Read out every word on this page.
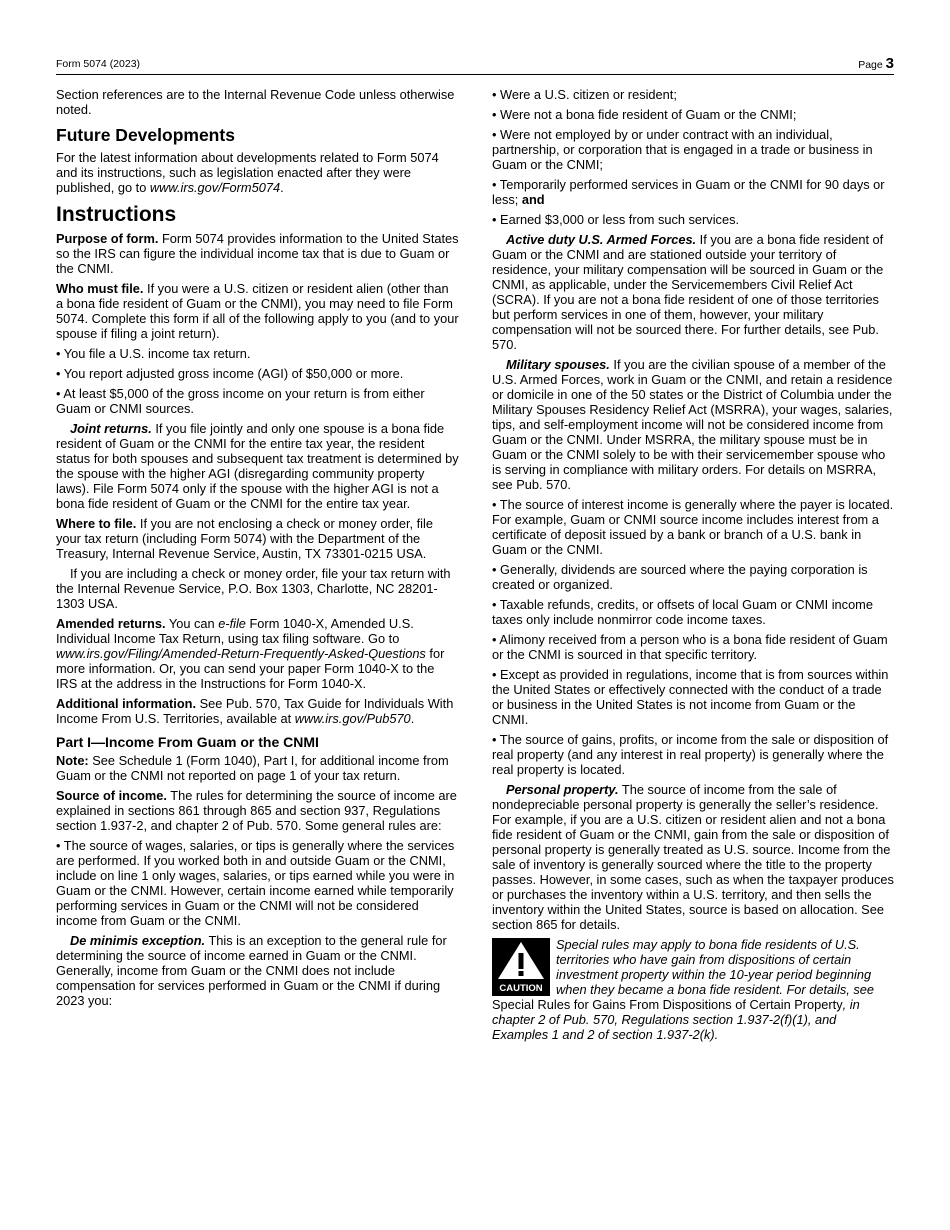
Form 5074 (2023)	Page 3

Section references are to the Internal Revenue Code unless otherwise noted.

Future Developments

For the latest information about developments related to Form 5074 and its instructions, such as legislation enacted after they were published, go to www.irs.gov/Form5074.

Instructions

Purpose of form. Form 5074 provides information to the United States so the IRS can figure the individual income tax that is due to Guam or the CNMI.

Who must file. If you were a U.S. citizen or resident alien (other than a bona fide resident of Guam or the CNMI), you may need to file Form 5074. Complete this form if all of the following apply to you (and to your spouse if filing a joint return).

• You file a U.S. income tax return.

• You report adjusted gross income (AGI) of $50,000 or more.

• At least $5,000 of the gross income on your return is from either Guam or CNMI sources.

Joint returns. If you file jointly and only one spouse is a bona fide resident of Guam or the CNMI for the entire tax year, the resident status for both spouses and subsequent tax treatment is determined by the spouse with the higher AGI (disregarding community property laws). File Form 5074 only if the spouse with the higher AGI is not a bona fide resident of Guam or the CNMI for the entire tax year.

Where to file. If you are not enclosing a check or money order, file your tax return (including Form 5074) with the Department of the Treasury, Internal Revenue Service, Austin, TX 73301-0215 USA.

If you are including a check or money order, file your tax return with the Internal Revenue Service, P.O. Box 1303, Charlotte, NC 28201-1303 USA.

Amended returns. You can e-file Form 1040-X, Amended U.S. Individual Income Tax Return, using tax filing software. Go to www.irs.gov/Filing/Amended-Return-Frequently-Asked-Questions for more information. Or, you can send your paper Form 1040-X to the IRS at the address in the Instructions for Form 1040-X.

Additional information. See Pub. 570, Tax Guide for Individuals With Income From U.S. Territories, available at www.irs.gov/Pub570.

Part I—Income From Guam or the CNMI

Note: See Schedule 1 (Form 1040), Part I, for additional income from Guam or the CNMI not reported on page 1 of your tax return.

Source of income. The rules for determining the source of income are explained in sections 861 through 865 and section 937, Regulations section 1.937-2, and chapter 2 of Pub. 570. Some general rules are:

• The source of wages, salaries, or tips is generally where the services are performed. If you worked both in and outside Guam or the CNMI, include on line 1 only wages, salaries, or tips earned while you were in Guam or the CNMI. However, certain income earned while temporarily performing services in Guam or the CNMI will not be considered income from Guam or the CNMI.

De minimis exception. This is an exception to the general rule for determining the source of income earned in Guam or the CNMI. Generally, income from Guam or the CNMI does not include compensation for services performed in Guam or the CNMI if during 2023 you:

• Were a U.S. citizen or resident;

• Were not a bona fide resident of Guam or the CNMI;

• Were not employed by or under contract with an individual, partnership, or corporation that is engaged in a trade or business in Guam or the CNMI;

• Temporarily performed services in Guam or the CNMI for 90 days or less; and

• Earned $3,000 or less from such services.

Active duty U.S. Armed Forces. If you are a bona fide resident of Guam or the CNMI and are stationed outside your territory of residence, your military compensation will be sourced in Guam or the CNMI, as applicable, under the Servicemembers Civil Relief Act (SCRA). If you are not a bona fide resident of one of those territories but perform services in one of them, however, your military compensation will not be sourced there. For further details, see Pub. 570.

Military spouses. If you are the civilian spouse of a member of the U.S. Armed Forces, work in Guam or the CNMI, and retain a residence or domicile in one of the 50 states or the District of Columbia under the Military Spouses Residency Relief Act (MSRRA), your wages, salaries, tips, and self-employment income will not be considered income from Guam or the CNMI. Under MSRRA, the military spouse must be in Guam or the CNMI solely to be with their servicemember spouse who is serving in compliance with military orders. For details on MSRRA, see Pub. 570.

• The source of interest income is generally where the payer is located. For example, Guam or CNMI source income includes interest from a certificate of deposit issued by a bank or branch of a U.S. bank in Guam or the CNMI.

• Generally, dividends are sourced where the paying corporation is created or organized.

• Taxable refunds, credits, or offsets of local Guam or CNMI income taxes only include nonmirror code income taxes.

• Alimony received from a person who is a bona fide resident of Guam or the CNMI is sourced in that specific territory.

• Except as provided in regulations, income that is from sources within the United States or effectively connected with the conduct of a trade or business in the United States is not income from Guam or the CNMI.

• The source of gains, profits, or income from the sale or disposition of real property (and any interest in real property) is generally where the real property is located.

Personal property. The source of income from the sale of nondepreciable personal property is generally the seller’s residence. For example, if you are a U.S. citizen or resident alien and not a bona fide resident of Guam or the CNMI, gain from the sale or disposition of personal property is generally treated as U.S. source. Income from the sale of inventory is generally sourced where the title to the property passes. However, in some cases, such as when the taxpayer produces or purchases the inventory within a U.S. territory, and then sells the inventory within the United States, source is based on allocation. See section 865 for details.

CAUTION
Special rules may apply to bona fide residents of U.S. territories who have gain from dispositions of certain investment property within the 10-year period beginning when they became a bona fide resident. For details, see Special Rules for Gains From Dispositions of Certain Property, in chapter 2 of Pub. 570, Regulations section 1.937-2(f)(1), and Examples 1 and 2 of section 1.937-2(k).
